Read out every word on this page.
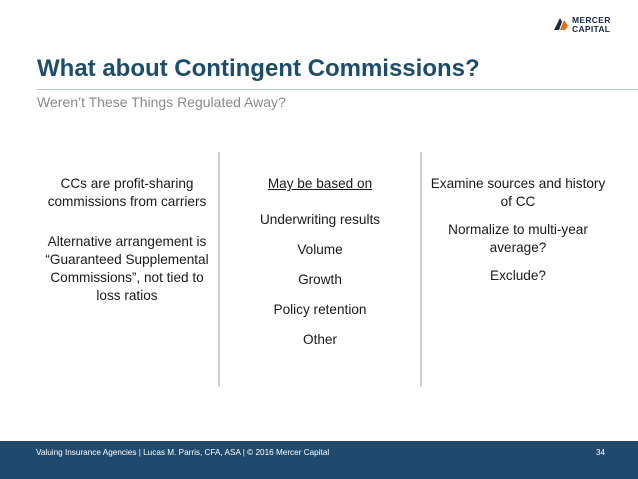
MERCER
CAPITAL
What about Contingent Commissions?
Weren’t These Things Regulated Away?

CCs are profit-sharing commissions from carriers

Alternative arrangement is “Guaranteed Supplemental Commissions”, not tied to loss ratios

May be based on

Underwriting results

Volume

Growth

Policy retention

Other

Examine sources and history of CC

Normalize to multi-year average?

Exclude?

Valuing Insurance Agencies | Lucas M. Parris, CFA, ASA | © 2016 Mercer Capital	34
